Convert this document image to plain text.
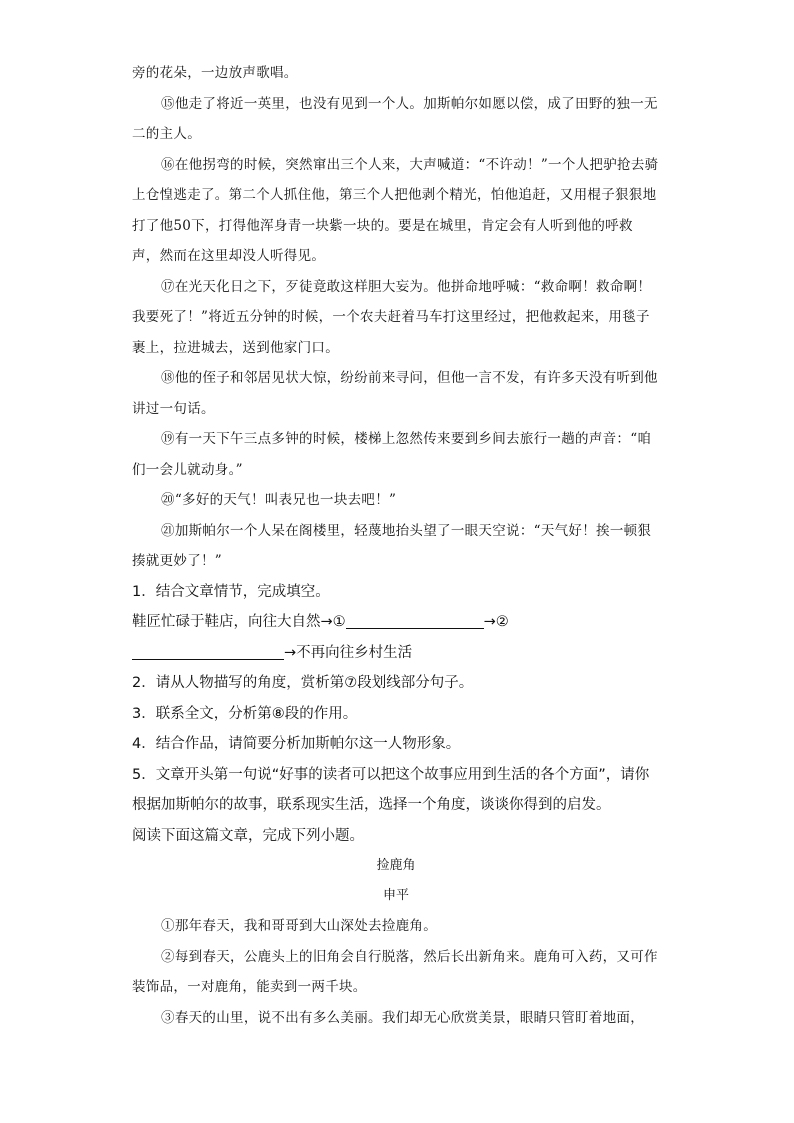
旁的花朵，一边放声歌唱。

⑮他走了将近一英里，也没有见到一个人。加斯帕尔如愿以偿，成了田野的独一无二的主人。

⑯在他拐弯的时候，突然窜出三个人来，大声喊道：“不许动！”一个人把驴抢去骑上仓惶逃走了。第二个人抓住他，第三个人把他剥个精光，怕他追赶，又用棍子狠狠地打了他50下，打得他浑身青一块紫一块的。要是在城里，肯定会有人听到他的呼救声，然而在这里却没人听得见。

⑰在光天化日之下，歹徒竟敢这样胆大妄为。他拼命地呼喊：“救命啊！救命啊！我要死了！”将近五分钟的时候，一个农夫赶着马车打这里经过，把他救起来，用毯子裹上，拉进城去，送到他家门口。

⑱他的侄子和邻居见状大惊，纷纷前来寻问，但他一言不发，有许多天没有听到他讲过一句话。

⑲有一天下午三点多钟的时候，楼梯上忽然传来要到乡间去旅行一趟的声音：“咱们一会儿就动身。”

⑳“多好的天气！叫表兄也一块去吧！”

㉑加斯帕尔一个人呆在阁楼里，轻蔑地抬头望了一眼天空说：“天气好！挨一顿狠揍就更妙了！”

1．结合文章情节，完成填空。

鞋匠忙碌于鞋店，向往大自然→①	→②→不再向往乡村生活

2．请从人物描写的角度，赏析第⑦段划线部分句子。

3．联系全文，分析第⑧段的作用。

4．结合作品，请简要分析加斯帕尔这一人物形象。

5．文章开头第一句说“好事的读者可以把这个故事应用到生活的各个方面”，请你根据加斯帕尔的故事，联系现实生活，选择一个角度，谈谈你得到的启发。

阅读下面这篇文章，完成下列小题。

捡鹿角

申平

①那年春天，我和哥哥到大山深处去捡鹿角。

②每到春天，公鹿头上的旧角会自行脱落，然后长出新角来。鹿角可入药，又可作装饰品，一对鹿角，能卖到一两千块。

③春天的山里，说不出有多么美丽。我们却无心欣赏美景，眼睛只管盯着地面，
